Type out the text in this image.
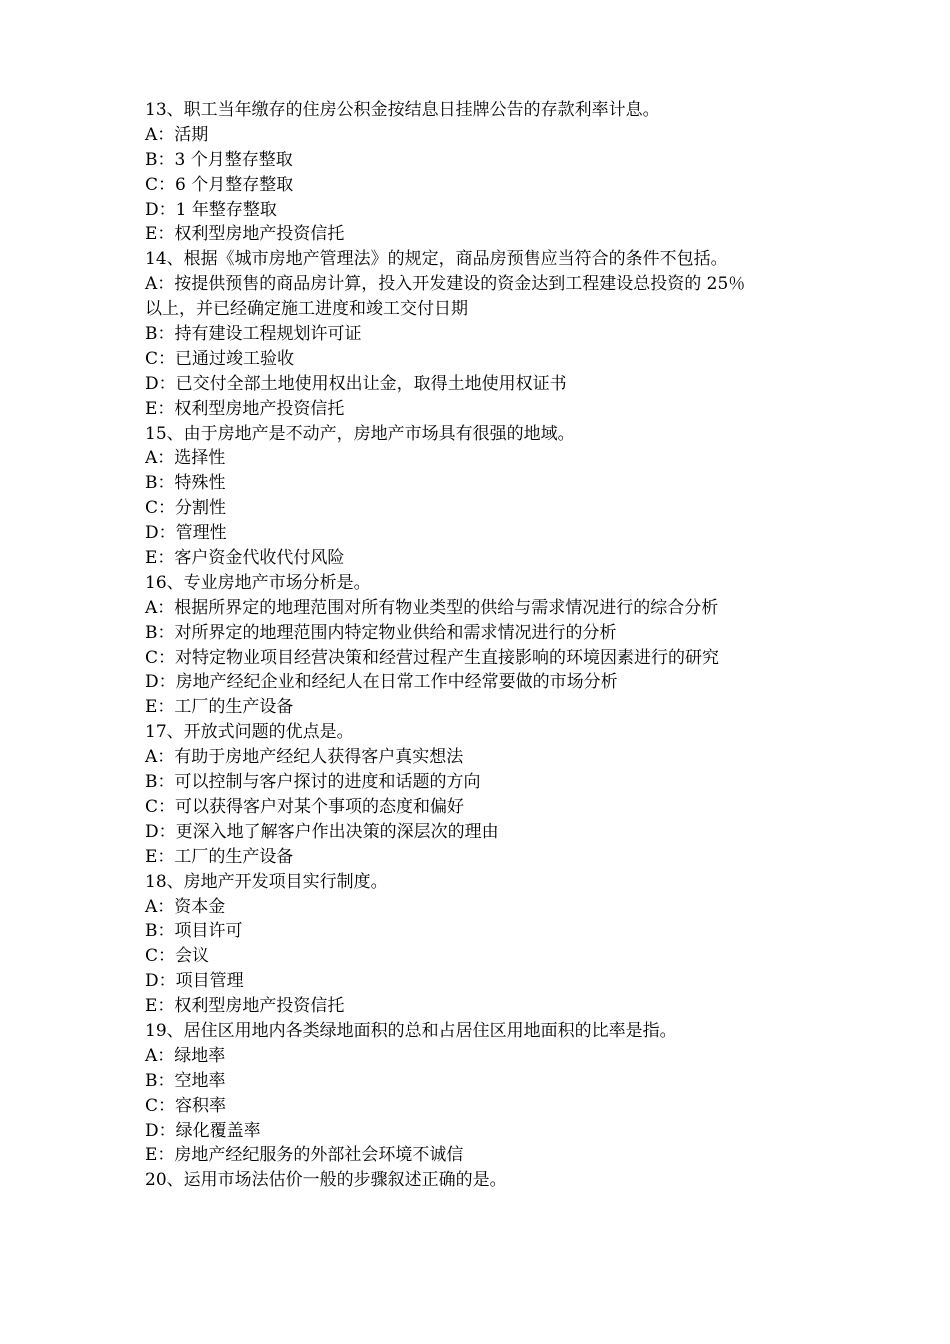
13、职工当年缴存的住房公积金按结息日挂牌公告的存款利率计息。
A：活期
B：3 个月整存整取
C：6 个月整存整取
D：1 年整存整取
E：权利型房地产投资信托
14、根据《城市房地产管理法》的规定，商品房预售应当符合的条件不包括。
A：按提供预售的商品房计算，投入开发建设的资金达到工程建设总投资的 25％
以上，并已经确定施工进度和竣工交付日期
B：持有建设工程规划许可证
C：已通过竣工验收
D：已交付全部土地使用权出让金，取得土地使用权证书
E：权利型房地产投资信托
15、由于房地产是不动产，房地产市场具有很强的地域。
A：选择性
B：特殊性
C：分割性
D：管理性
E：客户资金代收代付风险
16、专业房地产市场分析是。
A：根据所界定的地理范围对所有物业类型的供给与需求情况进行的综合分析
B：对所界定的地理范围内特定物业供给和需求情况进行的分析
C：对特定物业项目经营决策和经营过程产生直接影响的环境因素进行的研究
D：房地产经纪企业和经纪人在日常工作中经常要做的市场分析
E：工厂的生产设备
17、开放式问题的优点是。
A：有助于房地产经纪人获得客户真实想法
B：可以控制与客户探讨的进度和话题的方向
C：可以获得客户对某个事项的态度和偏好
D：更深入地了解客户作出决策的深层次的理由
E：工厂的生产设备
18、房地产开发项目实行制度。
A：资本金
B：项目许可
C：会议
D：项目管理
E：权利型房地产投资信托
19、居住区用地内各类绿地面积的总和占居住区用地面积的比率是指。
A：绿地率
B：空地率
C：容积率
D：绿化覆盖率
E：房地产经纪服务的外部社会环境不诚信
20、运用市场法估价一般的步骤叙述正确的是。
